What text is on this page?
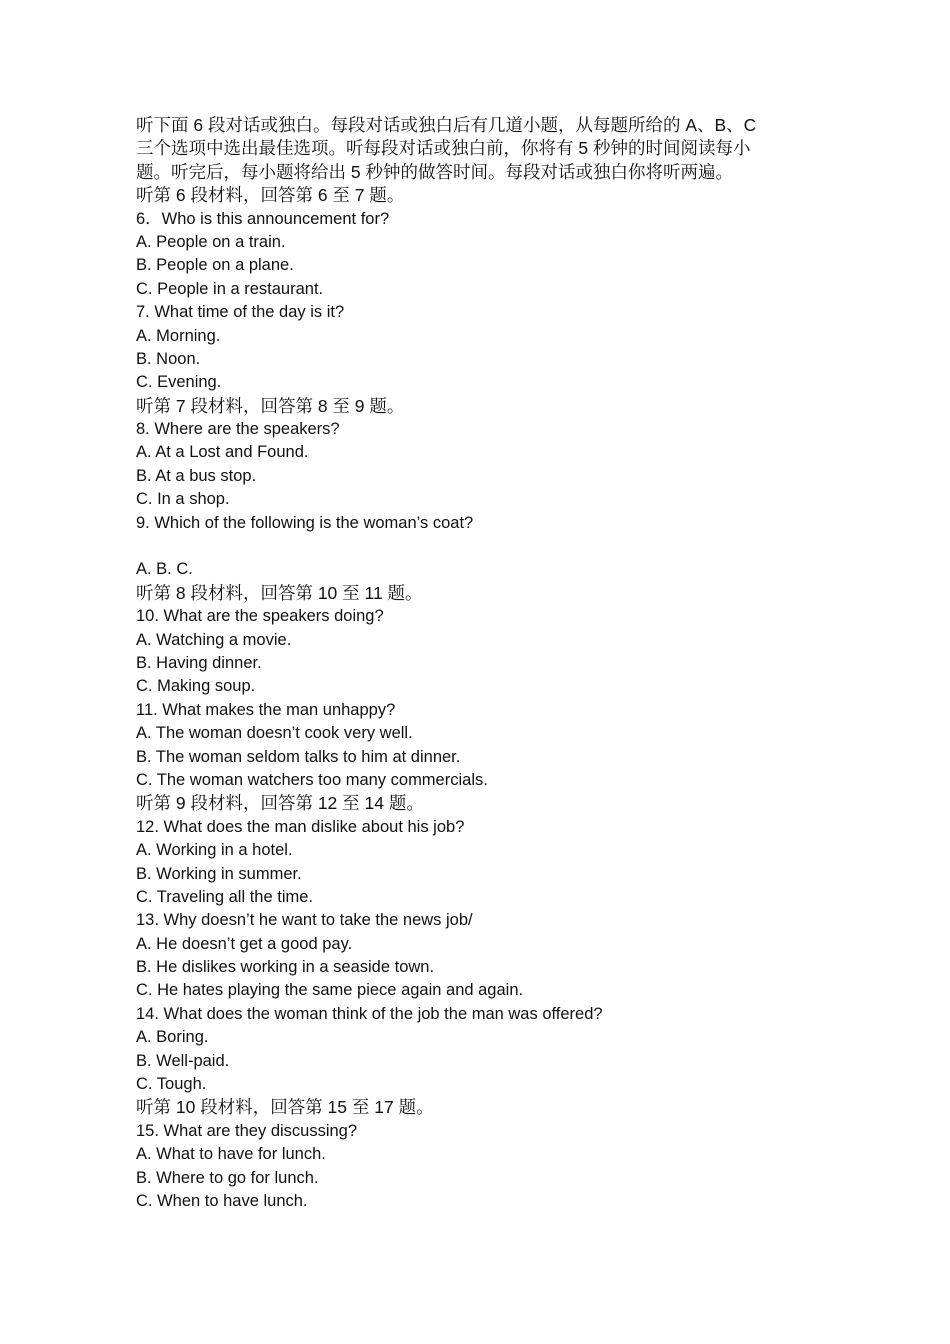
听下面 6 段对话或独白。每段对话或独白后有几道小题，从每题所给的 A、B、C
三个选项中选出最佳选项。听每段对话或独白前，你将有 5 秒钟的时间阅读每小
题。听完后，每小题将给出 5 秒钟的做答时间。每段对话或独白你将听两遍。
听第 6 段材料，回答第 6 至 7 题。
6．Who is this announcement for?
A. People on a train.
B. People on a plane.
C. People in a restaurant.
7. What time of the day is it?
A. Morning.
B. Noon.
C. Evening.
听第 7 段材料，回答第 8 至 9 题。
8. Where are the speakers?
A. At a Lost and Found.
B. At a bus stop.
C. In a shop.
9. Which of the following is the woman’s coat?
A. B. C.
听第 8 段材料，回答第 10 至 11 题。
10. What are the speakers doing?
A. Watching a movie.
B. Having dinner.
C. Making soup.
11. What makes the man unhappy?
A. The woman doesn’t cook very well.
B. The woman seldom talks to him at dinner.
C. The woman watchers too many commercials.
听第 9 段材料，回答第 12 至 14 题。
12. What does the man dislike about his job?
A. Working in a hotel.
B. Working in summer.
C. Traveling all the time.
13. Why doesn’t he want to take the news job/
A. He doesn’t get a good pay.
B. He dislikes working in a seaside town.
C. He hates playing the same piece again and again.
14. What does the woman think of the job the man was offered?
A. Boring.
B. Well-paid.
C. Tough.
听第 10 段材料，回答第 15 至 17 题。
15. What are they discussing?
A. What to have for lunch.
B. Where to go for lunch.
C. When to have lunch.
